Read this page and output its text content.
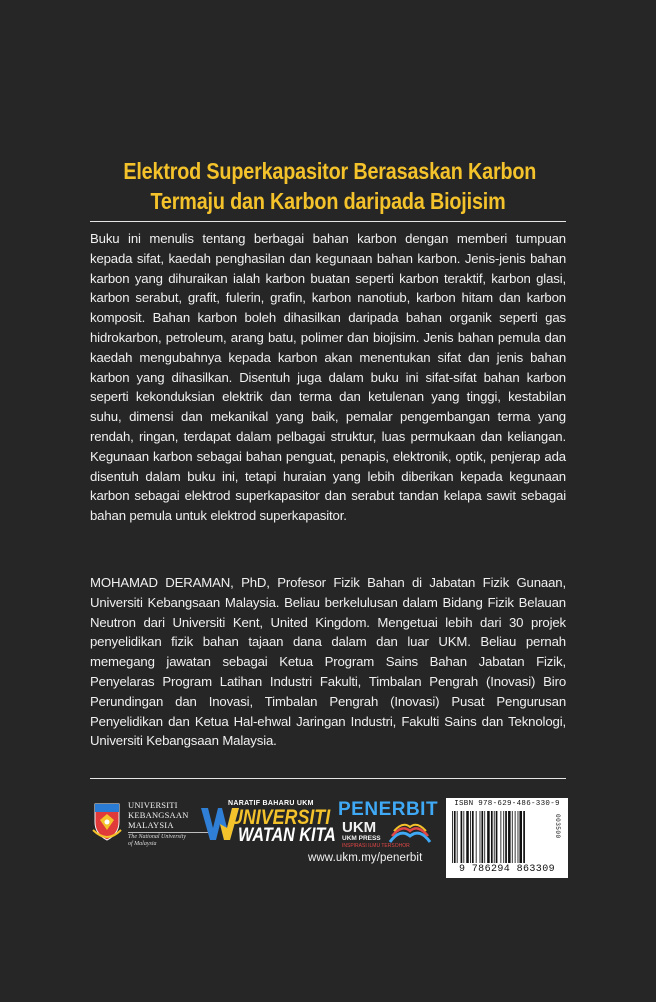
Elektrod Superkapasitor Berasaskan Karbon
Termaju dan Karbon daripada Biojisim

Buku ini menulis tentang berbagai bahan karbon dengan memberi tumpuan kepada sifat, kaedah penghasilan dan kegunaan bahan karbon. Jenis-jenis bahan karbon yang dihuraikan ialah karbon buatan seperti karbon teraktif, karbon glasi, karbon serabut, grafit, fulerin, grafin, karbon nanotiub, karbon hitam dan karbon komposit. Bahan karbon boleh dihasilkan daripada bahan organik seperti gas hidrokarbon, petroleum, arang batu, polimer dan biojisim. Jenis bahan pemula dan kaedah mengubahnya kepada karbon akan menentukan sifat dan jenis bahan karbon yang dihasilkan. Disentuh juga dalam buku ini sifat-sifat bahan karbon seperti kekonduksian elektrik dan terma dan ketulenan yang tinggi, kestabilan suhu, dimensi dan mekanikal yang baik, pemalar pengembangan terma yang rendah, ringan, terdapat dalam pelbagai struktur, luas permukaan dan keliangan. Kegunaan karbon sebagai bahan penguat, penapis, elektronik, optik, penjerap ada disentuh dalam buku ini, tetapi huraian yang lebih diberikan kepada kegunaan karbon sebagai elektrod superkapasitor dan serabut tandan kelapa sawit sebagai bahan pemula untuk elektrod superkapasitor.

MOHAMAD DERAMAN, PhD, Profesor Fizik Bahan di Jabatan Fizik Gunaan, Universiti Kebangsaan Malaysia. Beliau berkelulusan dalam Bidang Fizik Belauan Neutron dari Universiti Kent, United Kingdom. Mengetuai lebih dari 30 projek penyelidikan fizik bahan tajaan dana dalam dan luar UKM. Beliau pernah memegang jawatan sebagai Ketua Program Sains Bahan Jabatan Fizik, Penyelaras Program Latihan Industri Fakulti, Timbalan Pengrah (Inovasi) Biro Perundingan dan Inovasi, Timbalan Pengrah (Inovasi) Pusat Pengurusan Penyelidikan dan Ketua Hal-ehwal Jaringan Industri, Fakulti Sains dan Teknologi, Universiti Kebangsaan Malaysia.

UNIVERSITI
KEBANGSAAN
MALAYSIA
The National University
of Malaysia
NARATIF BAHARU UKM
UNIVERSITI
WATAN KITA
PENERBIT
UKM
UKM PRESS
INSPIRASI ILMU TERSOHOR
www.ukm.my/penerbit
ISBN 978-629-486-330-9
003500
9 786294 863309
